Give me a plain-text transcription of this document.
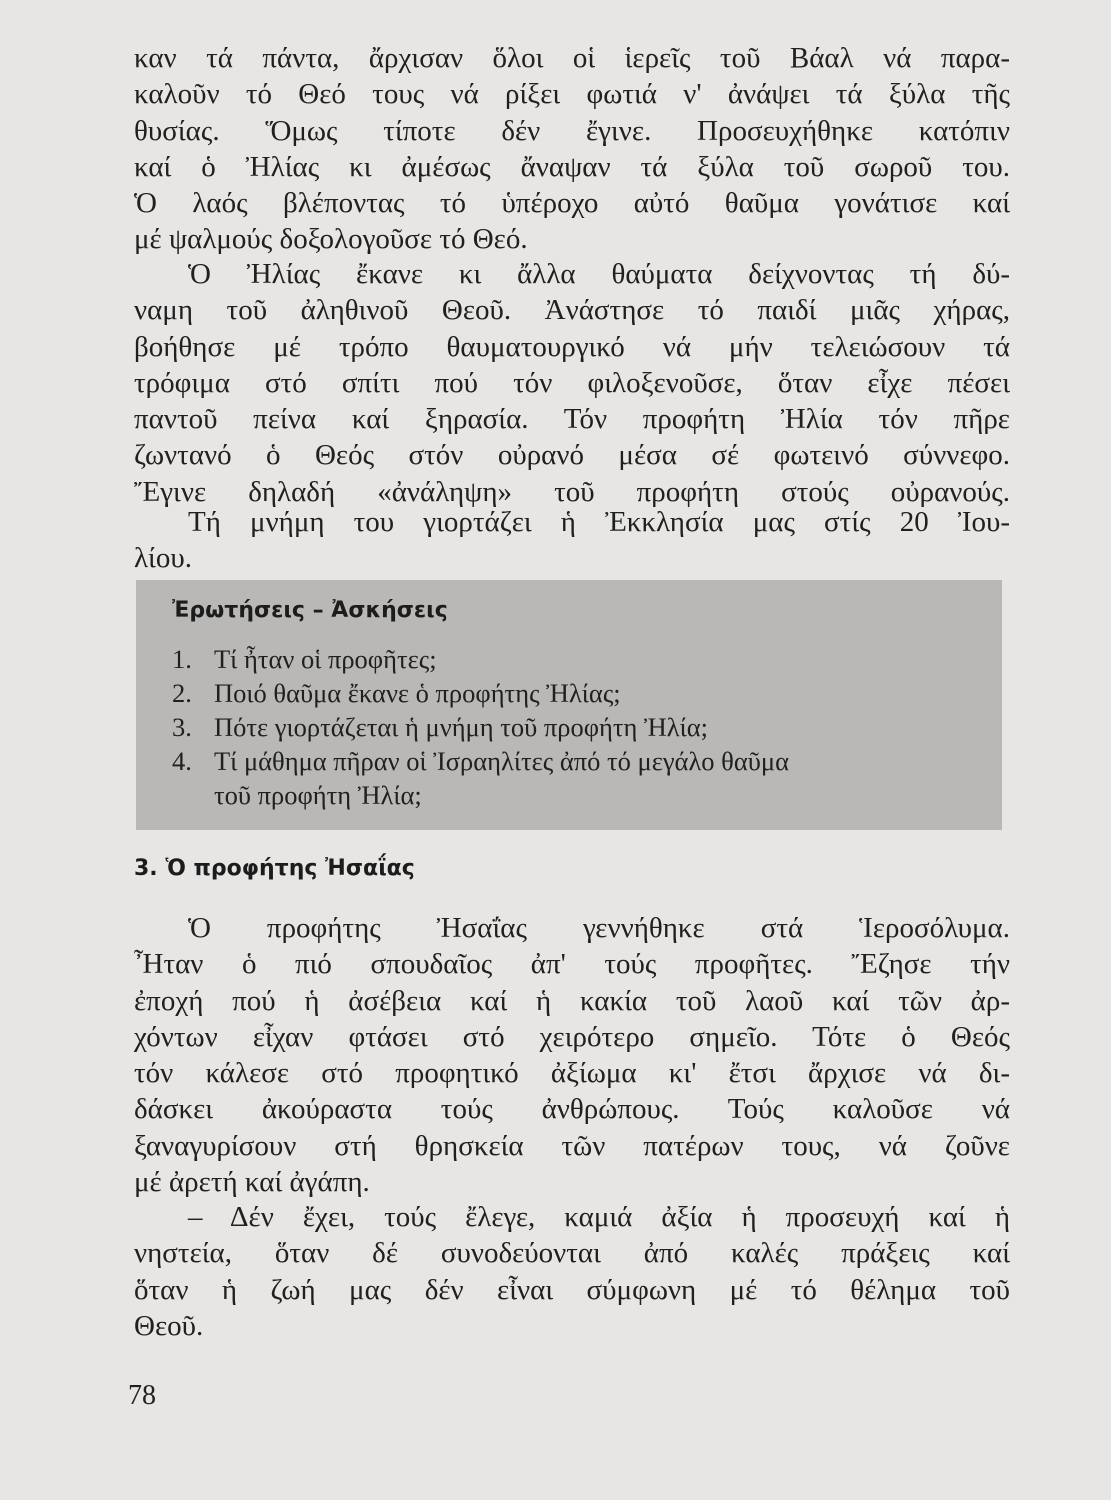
καν τά πάντα, ἄρχισαν ὅλοι οἱ ἱερεῖς τοῦ Βάαλ νά παρα-
καλοῦν τό Θεό τους νά ρίξει φωτιά ν' ἀνάψει τά ξύλα τῆς
θυσίας. Ὅμως τίποτε δέν ἔγινε. Προσευχήθηκε κατόπιν
καί ὁ Ἠλίας κι ἀμέσως ἄναψαν τά ξύλα τοῦ σωροῦ του.
Ὁ λαός βλέποντας τό ὑπέροχο αὐτό θαῦμα γονάτισε καί
μέ ψαλμούς δοξολογοῦσε τό Θεό.
Ὁ Ἠλίας ἔκανε κι ἄλλα θαύματα δείχνοντας τή δύ-
ναμη τοῦ ἀληθινοῦ Θεοῦ. Ἀνάστησε τό παιδί μιᾶς χήρας,
βοήθησε μέ τρόπο θαυματουργικό νά μήν τελειώσουν τά
τρόφιμα στό σπίτι πού τόν φιλοξενοῦσε, ὅταν εἶχε πέσει
παντοῦ πείνα καί ξηρασία. Τόν προφήτη Ἠλία τόν πῆρε
ζωντανό ὁ Θεός στόν οὐρανό μέσα σέ φωτεινό σύννεφο.
Ἔγινε δηλαδή «ἀνάληψη» τοῦ προφήτη στούς οὐρανούς.
Τή μνήμη του γιορτάζει ἡ Ἐκκλησία μας στίς 20 Ἰου-
λίου.
Ἐρωτήσεις – Ἀσκήσεις
1. Τί ἦταν οἱ προφῆτες;
2. Ποιό θαῦμα ἔκανε ὁ προφήτης Ἠλίας;
3. Πότε γιορτάζεται ἡ μνήμη τοῦ προφήτη Ἠλία;
4. Τί μάθημα πῆραν οἱ Ἰσραηλίτες ἀπό τό μεγάλο θαῦμα
τοῦ προφήτη Ἠλία;
3. Ὁ προφήτης Ἠσαΐας
Ὁ προφήτης Ἠσαΐας γεννήθηκε στά Ἱεροσόλυμα.
Ἦταν ὁ πιό σπουδαῖος ἀπ' τούς προφῆτες. Ἔζησε τήν
ἐποχή πού ἡ ἀσέβεια καί ἡ κακία τοῦ λαοῦ καί τῶν ἀρ-
χόντων εἶχαν φτάσει στό χειρότερο σημεῖο. Τότε ὁ Θεός
τόν κάλεσε στό προφητικό ἀξίωμα κι' ἔτσι ἄρχισε νά δι-
δάσκει ἀκούραστα τούς ἀνθρώπους. Τούς καλοῦσε νά
ξαναγυρίσουν στή θρησκεία τῶν πατέρων τους, νά ζοῦνε
μέ ἀρετή καί ἀγάπη.
– Δέν ἔχει, τούς ἔλεγε, καμιά ἀξία ἡ προσευχή καί ἡ
νηστεία, ὅταν δέ συνοδεύονται ἀπό καλές πράξεις καί
ὅταν ἡ ζωή μας δέν εἶναι σύμφωνη μέ τό θέλημα τοῦ
Θεοῦ.
78
